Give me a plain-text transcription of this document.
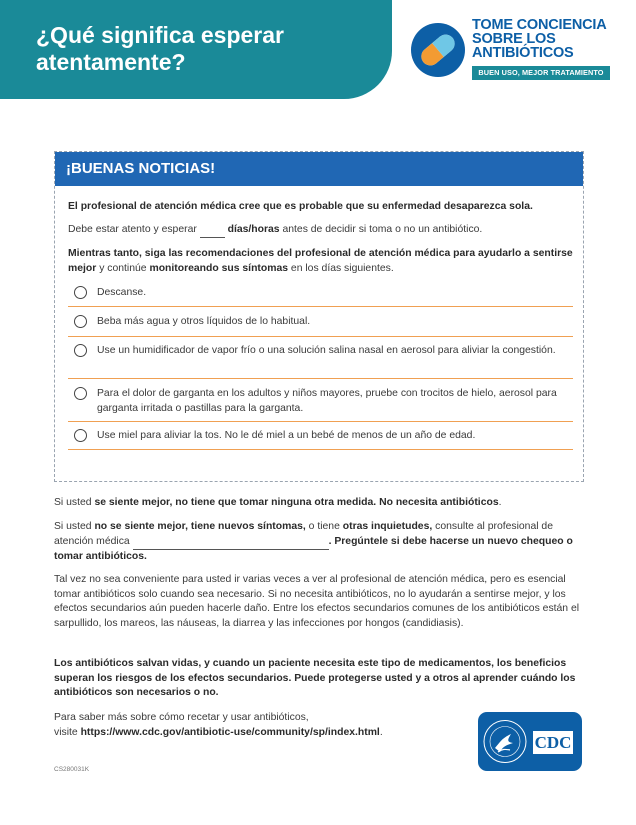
¿Qué significa esperar atentamente?
TOME CONCIENCIA
SOBRE LOS
ANTIBIÓTICOS
BUEN USO, MEJOR TRATAMIENTO
¡BUENAS NOTICIAS!
El profesional de atención médica cree que es probable que su enfermedad desaparezca sola.
Debe estar atento y esperar	días/horas antes de decidir si toma o no un antibiótico.
Mientras tanto, siga las recomendaciones del profesional de atención médica para ayudarlo a sentirse mejor y continúe monitoreando sus síntomas en los días siguientes.
Descanse.
Beba más agua y otros líquidos de lo habitual.
Use un humidificador de vapor frío o una solución salina nasal en aerosol para aliviar la congestión.
Para el dolor de garganta en los adultos y niños mayores, pruebe con trocitos de hielo, aerosol para garganta irritada o pastillas para la garganta.
Use miel para aliviar la tos. No le dé miel a un bebé de menos de un año de edad.
Si usted se siente mejor, no tiene que tomar ninguna otra medida. No necesita antibióticos.
Si usted no se siente mejor, tiene nuevos síntomas, o tiene otras inquietudes, consulte al profesional de atención médica	. Pregúntele si debe hacerse un nuevo chequeo o tomar antibióticos.
Tal vez no sea conveniente para usted ir varias veces a ver al profesional de atención médica, pero es esencial tomar antibióticos solo cuando sea necesario. Si no necesita antibióticos, no lo ayudarán a sentirse mejor, y los efectos secundarios aún pueden hacerle daño. Entre los efectos secundarios comunes de los antibióticos están el sarpullido, los mareos, las náuseas, la diarrea y las infecciones por hongos (candidiasis).
Los antibióticos salvan vidas, y cuando un paciente necesita este tipo de medicamentos, los beneficios superan los riesgos de los efectos secundarios. Puede protegerse usted y a otros al aprender cuándo los antibióticos son necesarios o no.
Para saber más sobre cómo recetar y usar antibióticos,
visite https://www.cdc.gov/antibiotic-use/community/sp/index.html.
CS280031K
CDC
